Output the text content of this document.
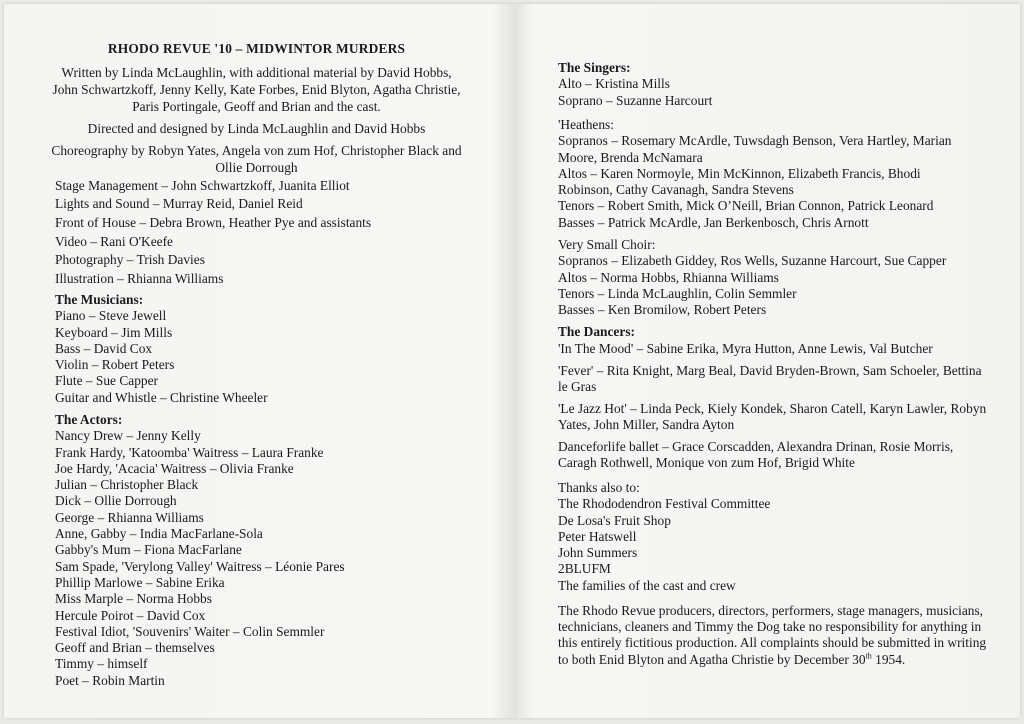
RHODO REVUE '10 – MIDWINTOR MURDERS

Written by Linda McLaughlin, with additional material by David Hobbs, John Schwartzkoff, Jenny Kelly, Kate Forbes, Enid Blyton, Agatha Christie, Paris Portingale, Geoff and Brian and the cast.

Directed and designed by Linda McLaughlin and David Hobbs

Choreography by Robyn Yates, Angela von zum Hof, Christopher Black and Ollie Dorrough

Stage Management – John Schwartzkoff, Juanita Elliot

Lights and Sound – Murray Reid, Daniel Reid

Front of House – Debra Brown, Heather Pye and assistants

Video – Rani O'Keefe

Photography – Trish Davies

Illustration – Rhianna Williams

The Musicians:
Piano – Steve Jewell
Keyboard – Jim Mills
Bass – David Cox
Violin – Robert Peters
Flute – Sue Capper
Guitar and Whistle – Christine Wheeler
The Actors:
Nancy Drew – Jenny Kelly
Frank Hardy, 'Katoomba' Waitress – Laura Franke
Joe Hardy, 'Acacia' Waitress – Olivia Franke
Julian – Christopher Black
Dick – Ollie Dorrough
George – Rhianna Williams
Anne, Gabby – India MacFarlane-Sola
Gabby's Mum – Fiona MacFarlane
Sam Spade, 'Verylong Valley' Waitress – Léonie Pares
Phillip Marlowe – Sabine Erika
Miss Marple – Norma Hobbs
Hercule Poirot – David Cox
Festival Idiot, 'Souvenirs' Waiter – Colin Semmler
Geoff and Brian – themselves
Timmy – himself
Poet – Robin Martin
The Singers:
Alto – Kristina Mills
Soprano – Suzanne Harcourt
'Heathens:
Sopranos – Rosemary McArdle, Tuwsdagh Benson, Vera Hartley, Marian
Moore, Brenda McNamara
Altos – Karen Normoyle, Min McKinnon, Elizabeth Francis, Bhodi
Robinson, Cathy Cavanagh, Sandra Stevens
Tenors – Robert Smith, Mick O’Neill, Brian Connon, Patrick Leonard
Basses – Patrick McArdle, Jan Berkenbosch, Chris Arnott
Very Small Choir:
Sopranos – Elizabeth Giddey, Ros Wells, Suzanne Harcourt, Sue Capper
Altos – Norma Hobbs, Rhianna Williams
Tenors – Linda McLaughlin, Colin Semmler
Basses – Ken Bromilow, Robert Peters

The Dancers:

'In The Mood' – Sabine Erika, Myra Hutton, Anne Lewis, Val Butcher

'Fever' – Rita Knight, Marg Beal, David Bryden-Brown, Sam Schoeler, Bettina le Gras

'Le Jazz Hot' – Linda Peck, Kiely Kondek, Sharon Catell, Karyn Lawler, Robyn Yates, John Miller, Sandra Ayton

Danceforlife ballet – Grace Corscadden, Alexandra Drinan, Rosie Morris, Caragh Rothwell, Monique von zum Hof, Brigid White

Thanks also to:
The Rhododendron Festival Committee
De Losa's Fruit Shop
Peter Hatswell
John Summers
2BLUFM
The families of the cast and crew

The Rhodo Revue producers, directors, performers, stage managers, musicians, technicians, cleaners and Timmy the Dog take no responsibility for anything in this entirely fictitious production. All complaints should be submitted in writing to both Enid Blyton and Agatha Christie by December 30th 1954.
